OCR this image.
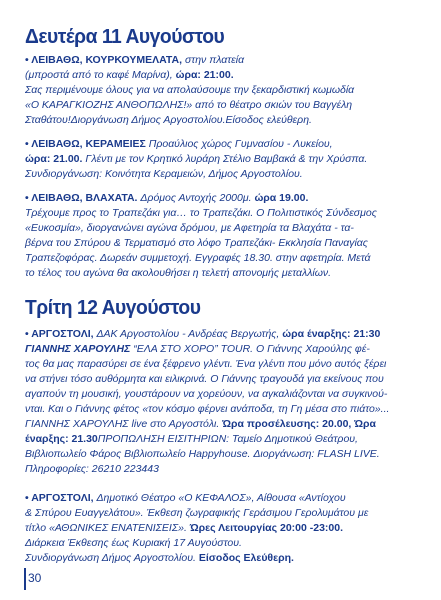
Δευτέρα 11 Αυγούστου
• ΛΕΙΒΑΘΩ, ΚΟΥΡΚΟΥΜΕΛΑΤΑ, στην πλατεία
(μπροστά από το καφέ Μαρίνα), ώρα: 21:00.
Σας περιμένουμε όλους για να απολαύσουμε την ξεκαρδιστική κωμωδία
«Ο ΚΑΡΑΓΚΙΟΖΗΣ ΑΝΘΟΠΩΛΗΣ!» από το θέατρο σκιών του Βαγγέλη
Σταθάτου!Διοργάνωση Δήμος Αργοστολίου.Είσοδος ελεύθερη.
• ΛΕΙΒΑΘΩ, ΚΕΡΑΜΕΙΕΣ Προαύλιος χώρος Γυμνασίου - Λυκείου,
ώρα: 21.00. Γλέντι με τον Κρητικό λυράρη Στέλιο Βαμβακά & την Χρύσπα.
Συνδιοργάνωση: Κοινότητα Κεραμειών, Δήμος Αργοστολίου.
• ΛΕΙΒΑΘΩ, ΒΛΑΧΑΤΑ. Δρόμος Αντοχής 2000μ. ώρα 19.00.
Τρέχουμε προς το Τραπεζάκι για… το Τραπεζάκι. Ο Πολιτιστικός Σύνδεσμος
«Ευκοσμία», διοργανώνει αγώνα δρόμου, με Αφετηρία τα Βλαχάτα - τα-
βέρνα του Σπύρου & Τερματισμό στο λόφο Τραπεζάκι- Εκκλησία Παναγίας
Τραπεζοφόρας. Δωρεάν συμμετοχή. Εγγραφές 18.30. στην αφετηρία. Μετά
το τέλος του αγώνα θα ακολουθήσει η τελετή απονομής μεταλλίων.
Τρίτη 12 Αυγούστου
• ΑΡΓΟΣΤΟΛΙ, ΔΑΚ Αργοστολίου - Ανδρέας Βεργωτής, ώρα έναρξης: 21:30
ΓΙΑΝΝΗΣ ΧΑΡΟΥΛΗΣ “ΕΛΑ ΣΤΟ ΧΟΡΟ” TOUR. Ο Γιάννης Χαρούλης φέ-
τος θα μας παρασύρει σε ένα ξέφρενο γλέντι. Ένα γλέντι που μόνο αυτός ξέρει
να στήνει τόσο αυθόρμητα και ειλικρινά. Ο Γιάννης τραγουδά για εκείνους που
αγαπούν τη μουσική, γουστάρουν να χορεύουν, να αγκαλιάζονται να συγκινού-
νται. Και ο Γιάννης φέτος «τον κόσμο φέρνει ανάποδα, τη Γη μέσα στο πιάτο»...
ΓΙΑΝΝΗΣ ΧΑΡΟΥΛΗΣ live στο Αργοστόλι. Ώρα προσέλευσης: 20.00, Ώρα
έναρξης: 21.30ΠΡΟΠΩΛΗΣΗ ΕΙΣΙΤΗΡΙΩΝ: Ταμείο Δημοτικού Θεάτρου,
Βιβλιοπωλείο Φάρος Βιβλιοπωλείο Happyhouse. Διοργάνωση: FLASH LIVE.
Πληροφορίες: 26210 223443
• ΑΡΓΟΣΤΟΛΙ, Δημοτικό Θέατρο «Ο ΚΕΦΑΛΟΣ», Αίθουσα «Αντίοχου
& Σπύρου Ευαγγελάτου». Έκθεση ζωγραφικής Γεράσιμου Γερολυμάτου με
τίτλο «ΑΘΩΝΙΚΕΣ ΕΝΑΤΕΝΙΣΕΙΣ». Ώρες Λειτουργίας 20:00 -23:00.
Διάρκεια Έκθεσης έως Κυριακή 17 Αυγούστου.
Συνδιοργάνωση Δήμος Αργοστολίου. Είσοδος Ελεύθερη.
30
